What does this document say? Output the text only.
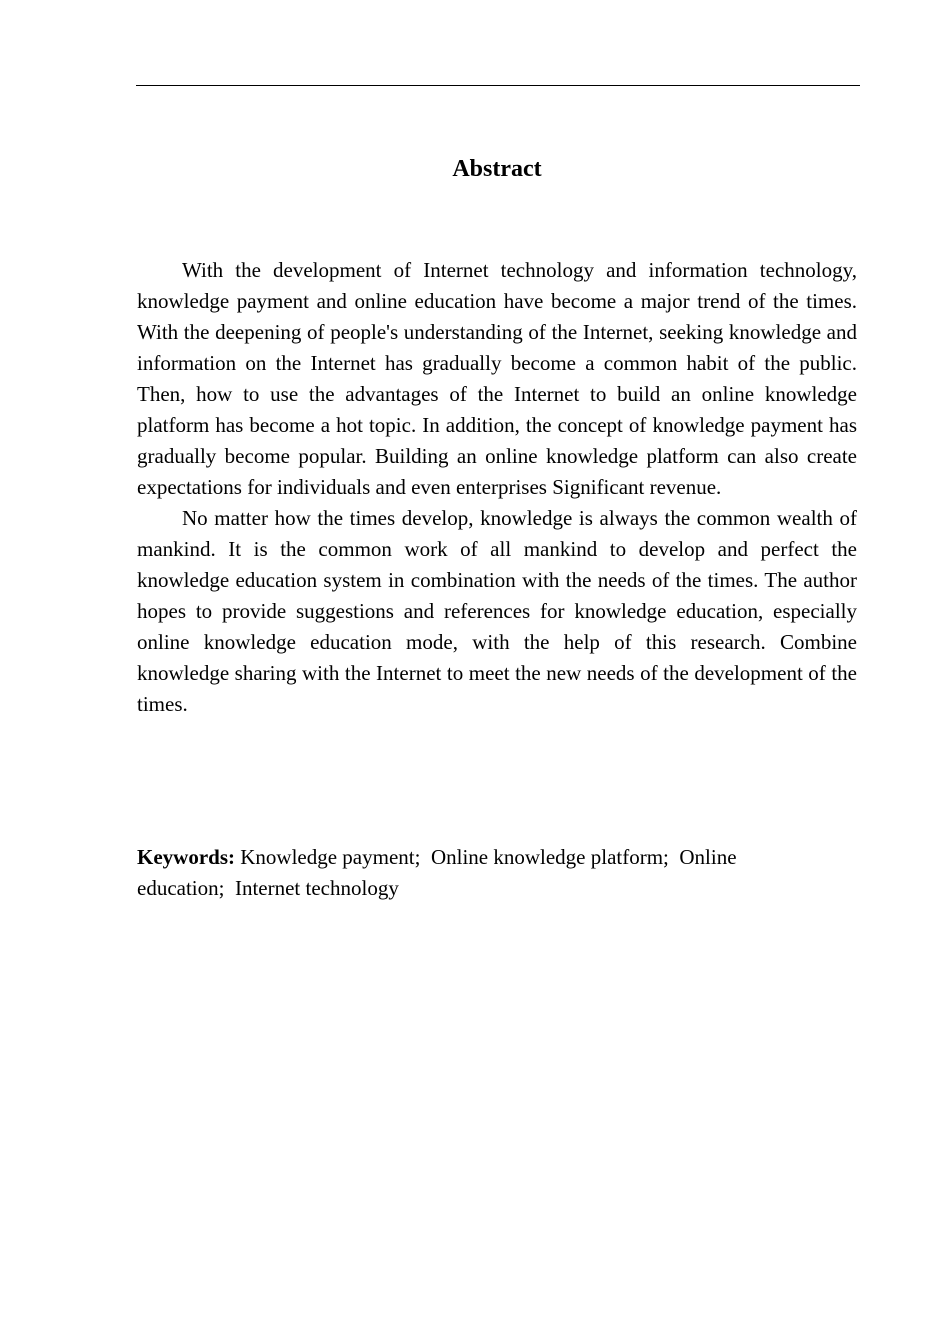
Abstract

With the development of Internet technology and information technology, knowledge payment and online education have become a major trend of the times. With the deepening of people's understanding of the Internet, seeking knowledge and information on the Internet has gradually become a common habit of the public. Then, how to use the advantages of the Internet to build an online knowledge platform has become a hot topic. In addition, the concept of knowledge payment has gradually become popular. Building an online knowledge platform can also create expectations for individuals and even enterprises Significant revenue.

No matter how the times develop, knowledge is always the common wealth of mankind. It is the common work of all mankind to develop and perfect the knowledge education system in combination with the needs of the times. The author hopes to provide suggestions and references for knowledge education, especially online knowledge education mode, with the help of this research. Combine knowledge sharing with the Internet to meet the new needs of the development of the times.

Keywords: Knowledge payment;  Online knowledge platform;  Online education;  Internet technology
